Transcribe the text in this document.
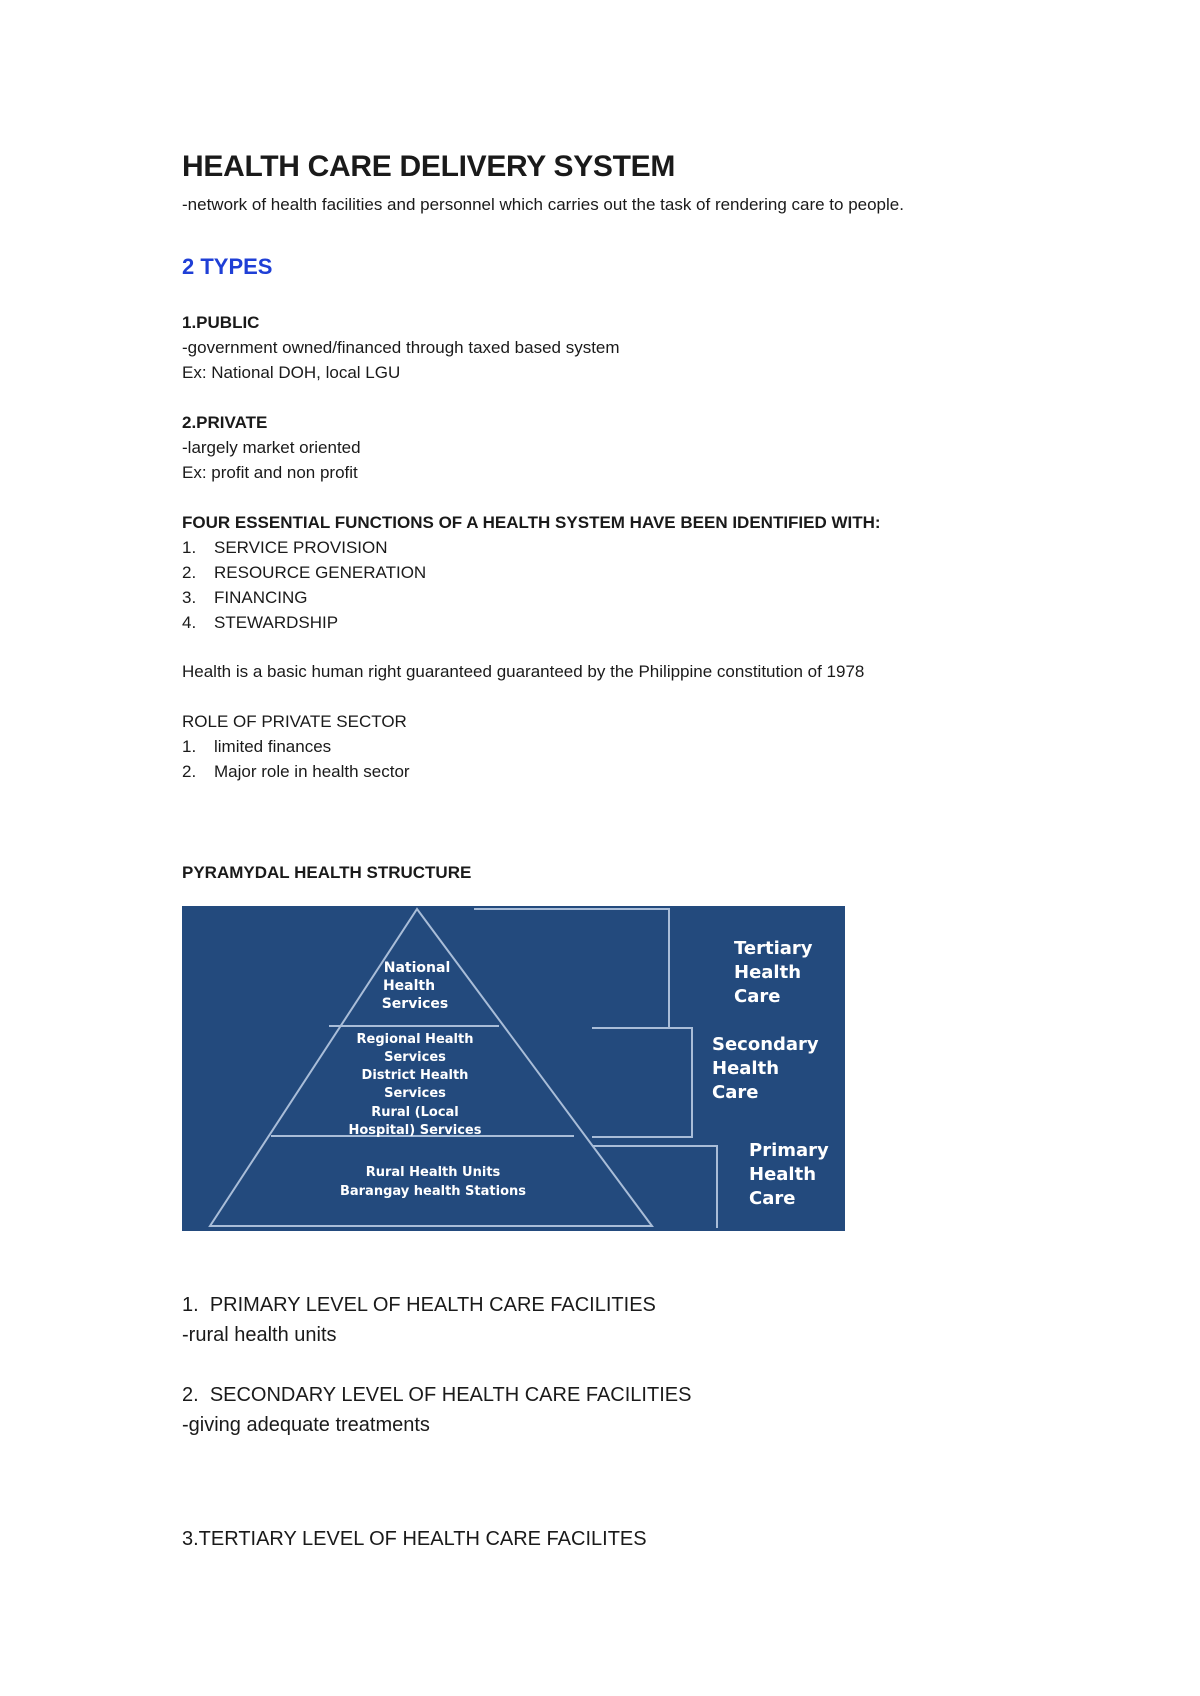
HEALTH CARE DELIVERY SYSTEM

-network of health facilities and personnel which carries out the task of rendering care to people.

2 TYPES

1.PUBLIC

-government owned/financed through taxed based system

Ex: National DOH, local LGU

2.PRIVATE

-largely market oriented

Ex: profit and non profit

FOUR ESSENTIAL FUNCTIONS OF A HEALTH SYSTEM HAVE BEEN IDENTIFIED WITH:

1. SERVICE PROVISION
2. RESOURCE GENERATION
3. FINANCING
4. STEWARDSHIP

Health is a basic human right guaranteed guaranteed by the Philippine constitution of 1978

ROLE OF PRIVATE SECTOR

1. limited finances
2. Major role in health sector

PYRAMYDAL HEALTH STRUCTURE

National
Health
Services
Regional Health
Services
District Health
Services
Rural (Local
Hospital) Services
Rural Health Units
Barangay health Stations
Tertiary
Health
Care
Secondary
Health
Care
Primary
Health
Care

1. PRIMARY LEVEL OF HEALTH CARE FACILITIES

-rural health units

2. SECONDARY LEVEL OF HEALTH CARE FACILITIES

-giving adequate treatments

3.TERTIARY LEVEL OF HEALTH CARE FACILITES
